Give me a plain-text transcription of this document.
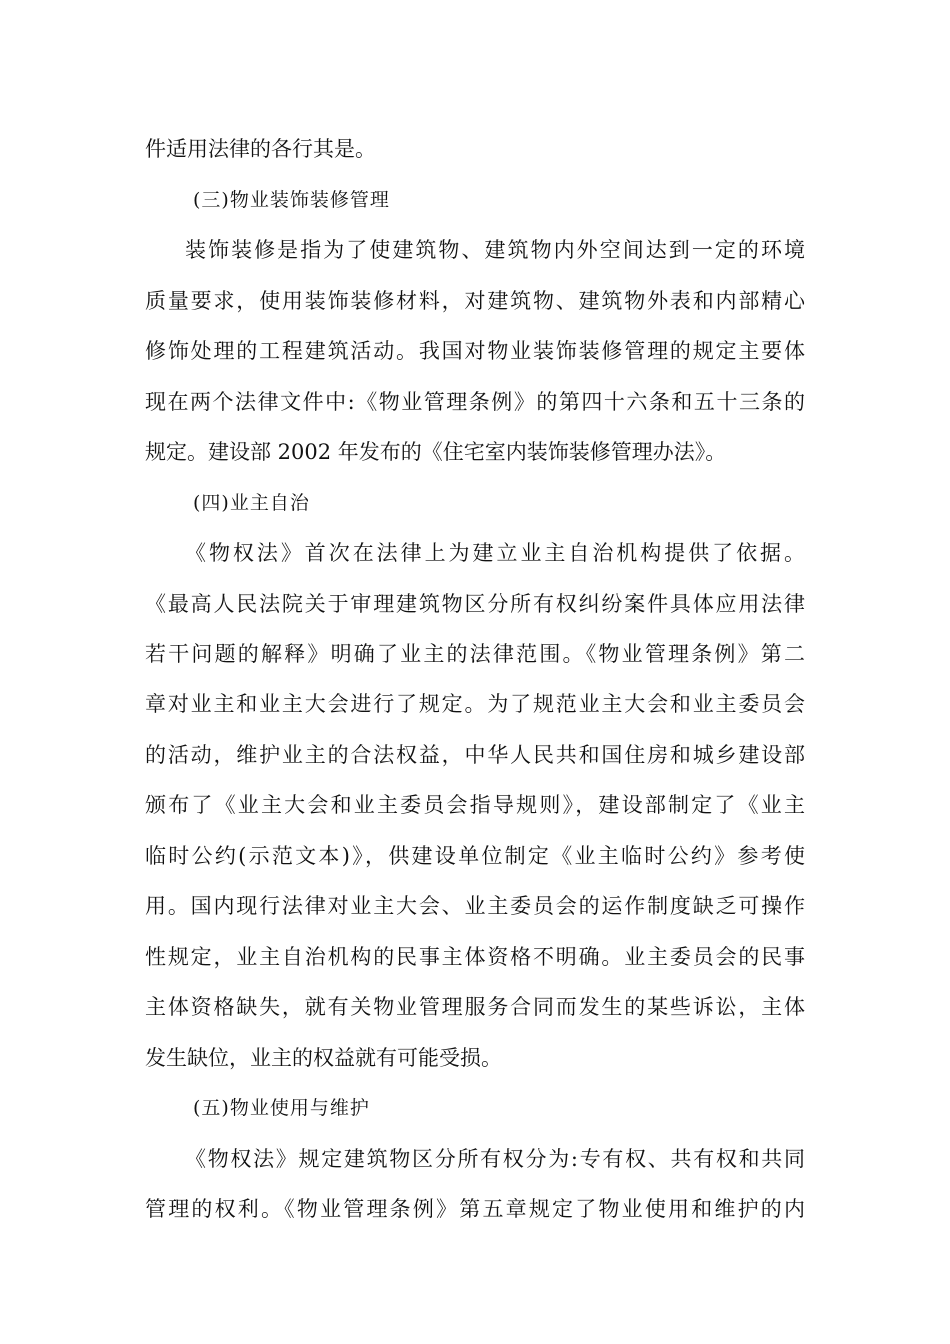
件适用法律的各行其是。
(三)物业装饰装修管理
装饰装修是指为了使建筑物、建筑物内外空间达到一定的环境
质量要求，使用装饰装修材料，对建筑物、建筑物外表和内部精心
修饰处理的工程建筑活动。我国对物业装饰装修管理的规定主要体
现在两个法律文件中:《物业管理条例》的第四十六条和五十三条的
规定。建设部 2002 年发布的《住宅室内装饰装修管理办法》。
(四)业主自治
《物权法》首次在法律上为建立业主自治机构提供了依据。
《最高人民法院关于审理建筑物区分所有权纠纷案件具体应用法律
若干问题的解释》明确了业主的法律范围。《物业管理条例》第二
章对业主和业主大会进行了规定。为了规范业主大会和业主委员会
的活动，维护业主的合法权益，中华人民共和国住房和城乡建设部
颁布了《业主大会和业主委员会指导规则》，建设部制定了《业主
临时公约(示范文本)》，供建设单位制定《业主临时公约》参考使
用。国内现行法律对业主大会、业主委员会的运作制度缺乏可操作
性规定，业主自治机构的民事主体资格不明确。业主委员会的民事
主体资格缺失，就有关物业管理服务合同而发生的某些诉讼，主体
发生缺位，业主的权益就有可能受损。
(五)物业使用与维护
《物权法》规定建筑物区分所有权分为:专有权、共有权和共同
管理的权利。《物业管理条例》第五章规定了物业使用和维护的内
